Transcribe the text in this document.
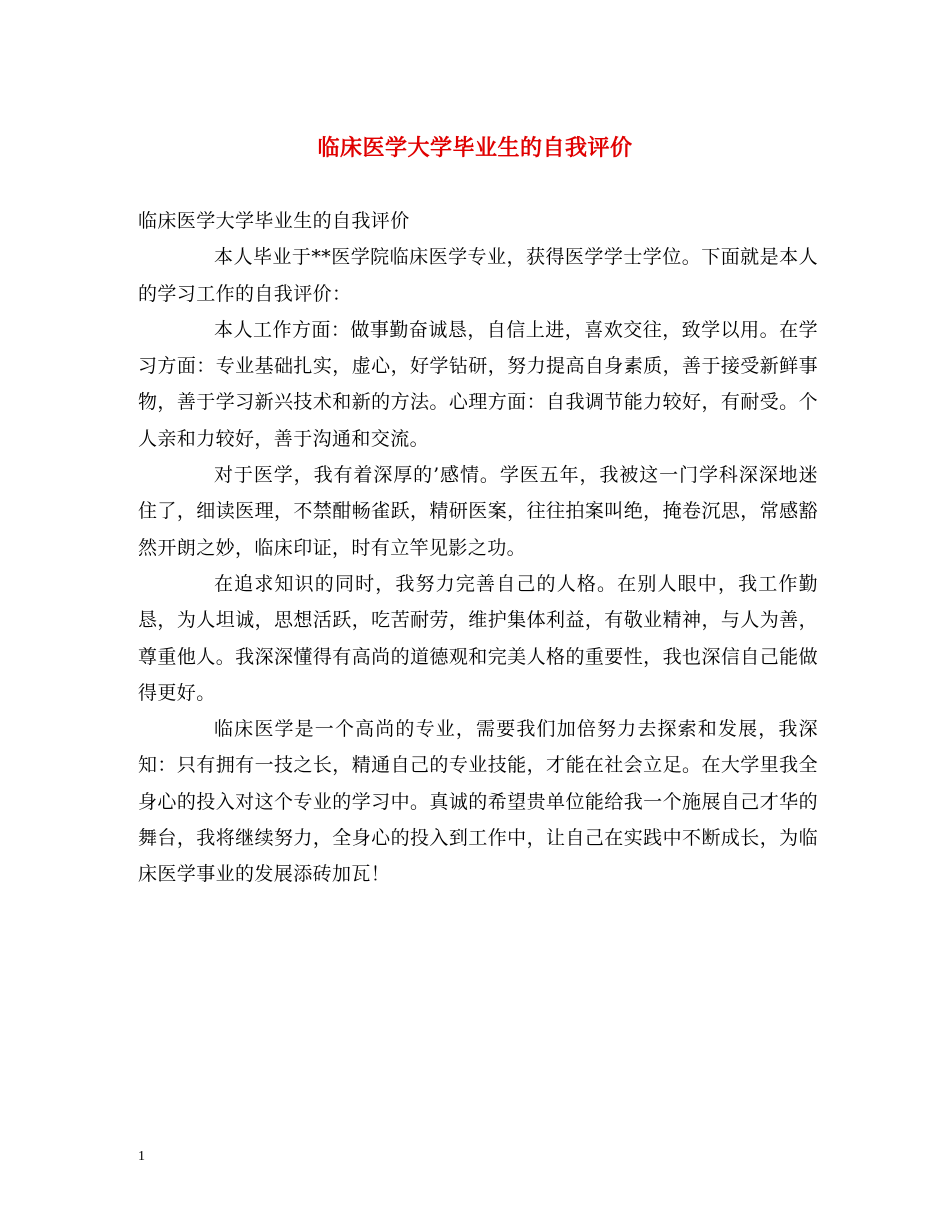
临床医学大学毕业生的自我评价

临床医学大学毕业生的自我评价

本人毕业于**医学院临床医学专业，获得医学学士学位。下面就是本人的学习工作的自我评价：

本人工作方面：做事勤奋诚恳，自信上进，喜欢交往，致学以用。在学习方面：专业基础扎实，虚心，好学钻研，努力提高自身素质，善于接受新鲜事物，善于学习新兴技术和新的方法。心理方面：自我调节能力较好，有耐受。个人亲和力较好，善于沟通和交流。

对于医学，我有着深厚的’感情。学医五年，我被这一门学科深深地迷住了，细读医理，不禁酣畅雀跃，精研医案，往往拍案叫绝，掩卷沉思，常感豁然开朗之妙，临床印证，时有立竿见影之功。

在追求知识的同时，我努力完善自己的人格。在别人眼中，我工作勤恳，为人坦诚，思想活跃，吃苦耐劳，维护集体利益，有敬业精神，与人为善，尊重他人。我深深懂得有高尚的道德观和完美人格的重要性，我也深信自己能做得更好。

临床医学是一个高尚的专业，需要我们加倍努力去探索和发展，我深知：只有拥有一技之长，精通自己的专业技能，才能在社会立足。在大学里我全身心的投入对这个专业的学习中。真诚的希望贵单位能给我一个施展自己才华的舞台，我将继续努力，全身心的投入到工作中，让自己在实践中不断成长，为临床医学事业的发展添砖加瓦！

1
